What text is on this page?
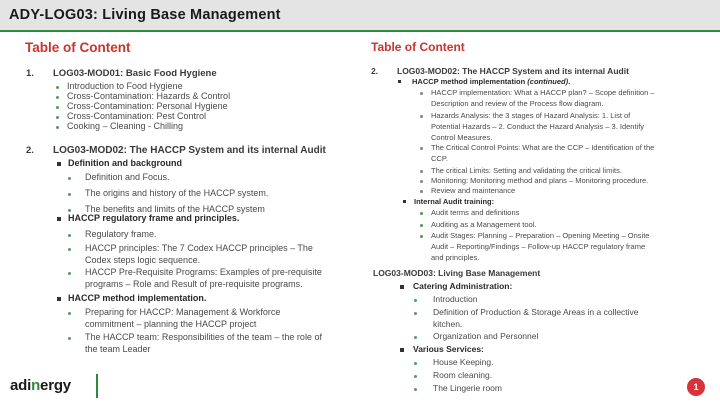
ADY-LOG03: Living Base Management
Table of Content
1. LOG03-MOD01: Basic Food Hygiene
Introduction to Food Hygiene
Cross-Contamination: Hazards & Control
Cross-Contamination: Personal Hygiene
Cross-Contamination: Pest Control
Cooking – Cleaning - Chilling
2. LOG03-MOD02: The HACCP System and its internal Audit
Definition and background
Definition and Focus.
The origins and history of the HACCP system.
The benefits and limits of the HACCP system
HACCP regulatory frame and principles.
Regulatory frame.
HACCP principles: The 7 Codex HACCP principles – The
Codex steps logic sequence.
HACCP Pre-Requisite Programs: Examples of pre-requisite
programs – Role and Result of pre-requisite programs.
HACCP method implementation.
Preparing for HACCP: Management & Workforce
commitment – planning the HACCP project
The HACCP team: Responsibilities of the team – the role of
the team Leader
Table of Content
2. LOG03-MOD02: The HACCP System and its internal Audit
HACCP method implementation (continued).
HACCP implementation: What a HACCP plan? – Scope definition –
Description and review of the Process flow diagram.
Hazards Analysis: the 3 stages of Hazard Analysis: 1. List of
Potential Hazards – 2. Conduct the Hazard Analysis – 3. Identify
Control Measures.
The Critical Control Points: What are the CCP – Identification of the
CCP.
The critical Limits: Setting and validating the critical limits.
Monitoring: Monitoring method and plans – Monitoring procedure.
Review and maintenance
Internal Audit training:
Audit terms and definitions
Auditing as a Management tool.
Audit Stages: Planning – Preparation – Opening Meeting – Onsite
Audit – Reporting/Findings – Follow-up HACCP regulatory frame
and principles.
LOG03-MOD03: Living Base Management
Catering Administration:
Introduction
Definition of Production & Storage Areas in a collective
kitchen.
Organization and Personnel
Various Services:
House Keeping.
Room cleaning.
The Lingerie room
adinergy	1
